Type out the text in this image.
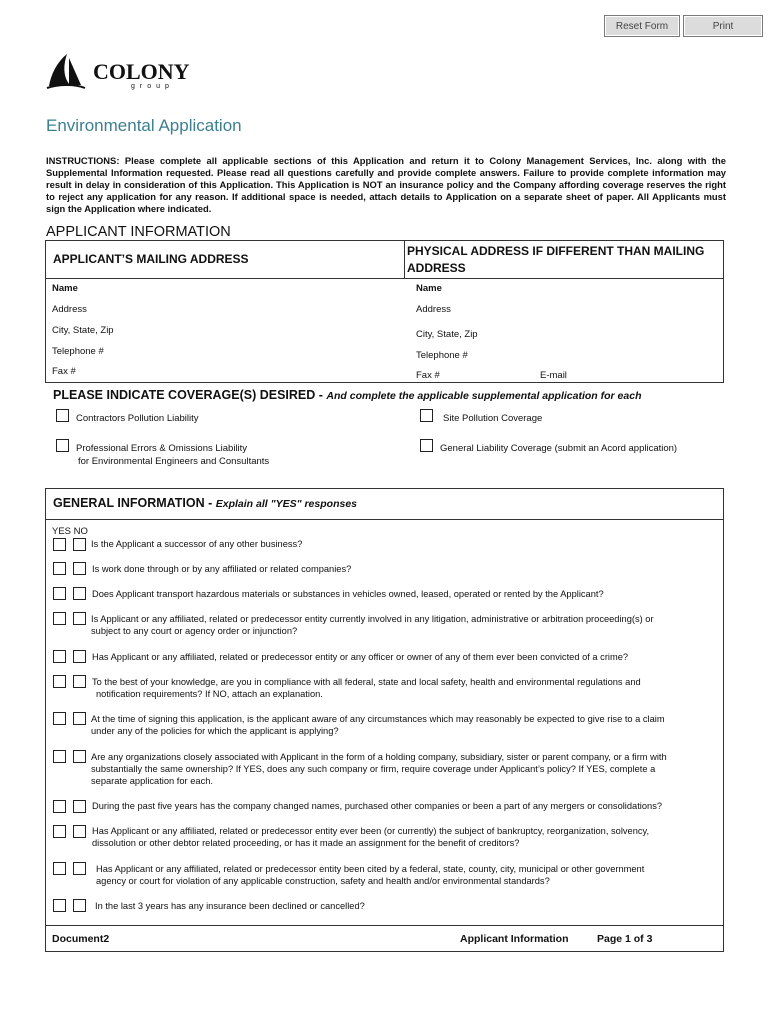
Reset Form	Print
COLONY
group
Environmental Application
INSTRUCTIONS: Please complete all applicable sections of this Application and return it to Colony Management Services, Inc. along with the Supplemental Information requested. Please read all questions carefully and provide complete answers. Failure to provide complete information may result in delay in consideration of this Application. This Application is NOT an insurance policy and the Company affording coverage reserves the right to reject any application for any reason. If additional space is needed, attach details to Application on a separate sheet of paper. All Applicants must sign the Application where indicated.
APPLICANT INFORMATION
APPLICANT’S MAILING ADDRESS
PHYSICAL ADDRESS IF DIFFERENT THAN MAILING ADDRESS
Name
Address
City, State, Zip
Telephone #
Fax #
Name
Address
City, State, Zip
Telephone #
Fax #	E-mail
PLEASE INDICATE COVERAGE(S) DESIRED - And complete the applicable supplemental application for each
Contractors Pollution Liability	Site Pollution Coverage
Professional Errors & Omissions Liability
for Environmental Engineers and Consultants
General Liability Coverage (submit an Acord application)
GENERAL INFORMATION - Explain all "YES" responses
YES NO
Is the Applicant a successor of any other business?
Is work done through or by any affiliated or related companies?
Does Applicant transport hazardous materials or substances in vehicles owned, leased, operated or rented by the Applicant?
Is Applicant or any affiliated, related or predecessor entity currently involved in any litigation, administrative or arbitration proceeding(s) or
subject to any court or agency order or injunction?
Has Applicant or any affiliated, related or predecessor entity or any officer or owner of any of them ever been convicted of a crime?
To the best of your knowledge, are you in compliance with all federal, state and local safety, health and environmental regulations and
notification requirements? If NO, attach an explanation.
At the time of signing this application, is the applicant aware of any circumstances which may reasonably be expected to give rise to a claim
under any of the policies for which the applicant is applying?
Are any organizations closely associated with Applicant in the form of a holding company, subsidiary, sister or parent company, or a firm with
substantially the same ownership? If YES, does any such company or firm, require coverage under Applicant’s policy? If YES, complete a
separate application for each.
During the past five years has the company changed names, purchased other companies or been a part of any mergers or consolidations?
Has Applicant or any affiliated, related or predecessor entity ever been (or currently) the subject of bankruptcy, reorganization, solvency,
dissolution or other debtor related proceeding, or has it made an assignment for the benefit of creditors?
Has Applicant or any affiliated, related or predecessor entity been cited by a federal, state, county, city, municipal or other government
agency or court for violation of any applicable construction, safety and health and/or environmental standards?
In the last 3 years has any insurance been declined or cancelled?
Document2	Applicant Information	Page 1 of 3
